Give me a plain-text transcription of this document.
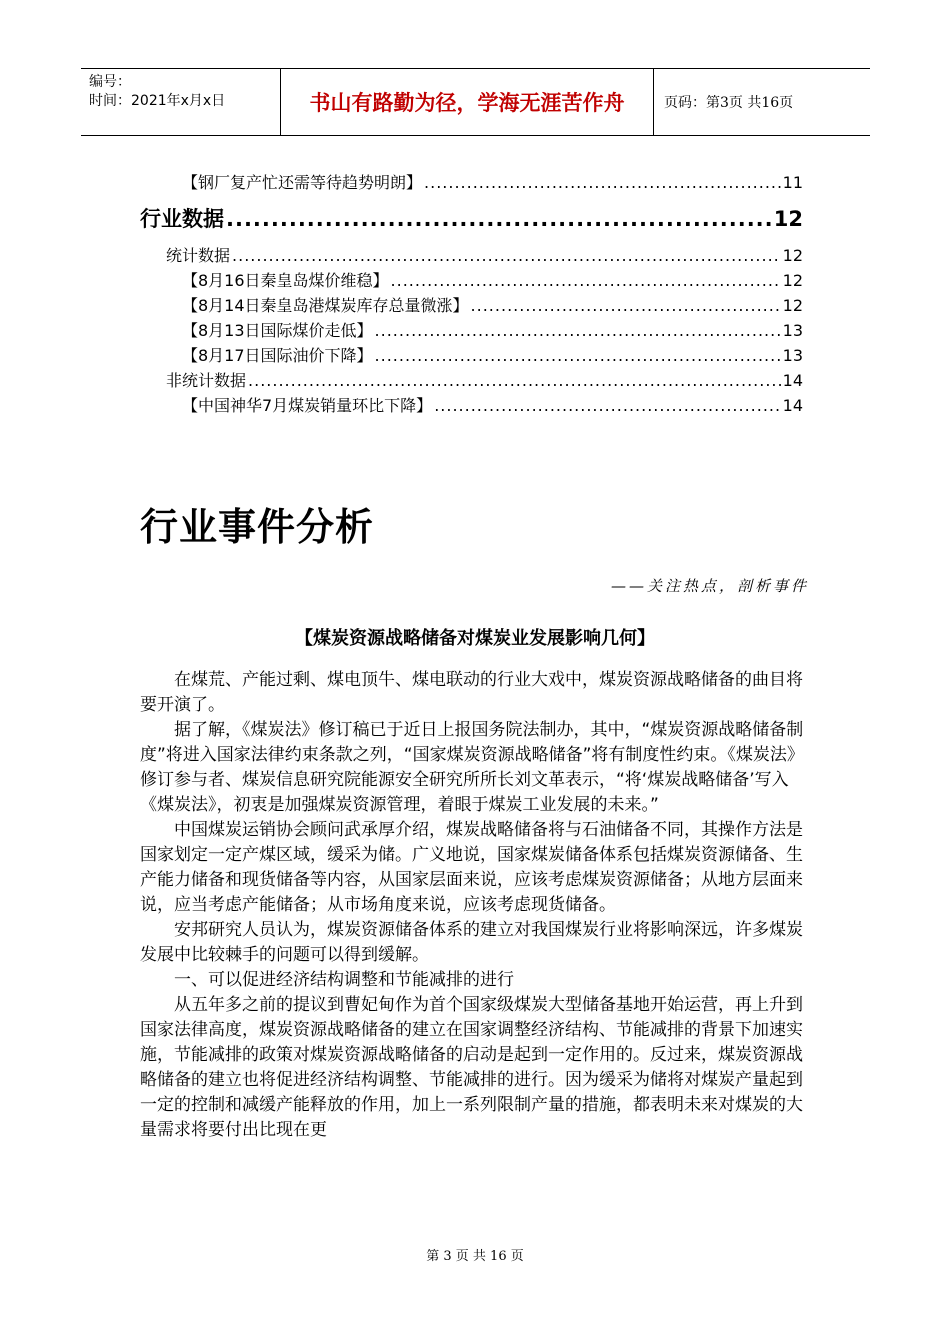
编号：
时间：2021年x月x日	书山有路勤为径，学海无涯苦作舟	页码：第3页 共16页
【钢厂复产忙还需等待趋势明朗】 .....	11
行业数据 .....	12
统计数据 .....	12
【8月16日秦皇岛煤价维稳】 .....	12
【8月14日秦皇岛港煤炭库存总量微涨】 .....	12
【8月13日国际煤价走低】 .....	13
【8月17日国际油价下降】 .....	13
非统计数据 .....	14
【中国神华7月煤炭销量环比下降】 .....	14
行业事件分析
——关注热点，剖析事件
【煤炭资源战略储备对煤炭业发展影响几何】

在煤荒、产能过剩、煤电顶牛、煤电联动的行业大戏中，煤炭资源战略储备的曲目将要开演了。

据了解，《煤炭法》修订稿已于近日上报国务院法制办，其中，“煤炭资源战略储备制度”将进入国家法律约束条款之列，“国家煤炭资源战略储备”将有制度性约束。《煤炭法》修订参与者、煤炭信息研究院能源安全研究所所长刘文革表示，“将‘煤炭战略储备’写入《煤炭法》，初衷是加强煤炭资源管理，着眼于煤炭工业发展的未来。”

中国煤炭运销协会顾问武承厚介绍，煤炭战略储备将与石油储备不同，其操作方法是国家划定一定产煤区域，缓采为储。广义地说，国家煤炭储备体系包括煤炭资源储备、生产能力储备和现货储备等内容，从国家层面来说，应该考虑煤炭资源储备；从地方层面来说，应当考虑产能储备；从市场角度来说，应该考虑现货储备。

安邦研究人员认为，煤炭资源储备体系的建立对我国煤炭行业将影响深远，许多煤炭发展中比较棘手的问题可以得到缓解。

一、可以促进经济结构调整和节能减排的进行

从五年多之前的提议到曹妃甸作为首个国家级煤炭大型储备基地开始运营，再上升到国家法律高度，煤炭资源战略储备的建立在国家调整经济结构、节能减排的背景下加速实施，节能减排的政策对煤炭资源战略储备的启动是起到一定作用的。反过来，煤炭资源战略储备的建立也将促进经济结构调整、节能减排的进行。因为缓采为储将对煤炭产量起到一定的控制和减缓产能释放的作用，加上一系列限制产量的措施，都表明未来对煤炭的大量需求将要付出比现在更

第 3 页 共 16 页
